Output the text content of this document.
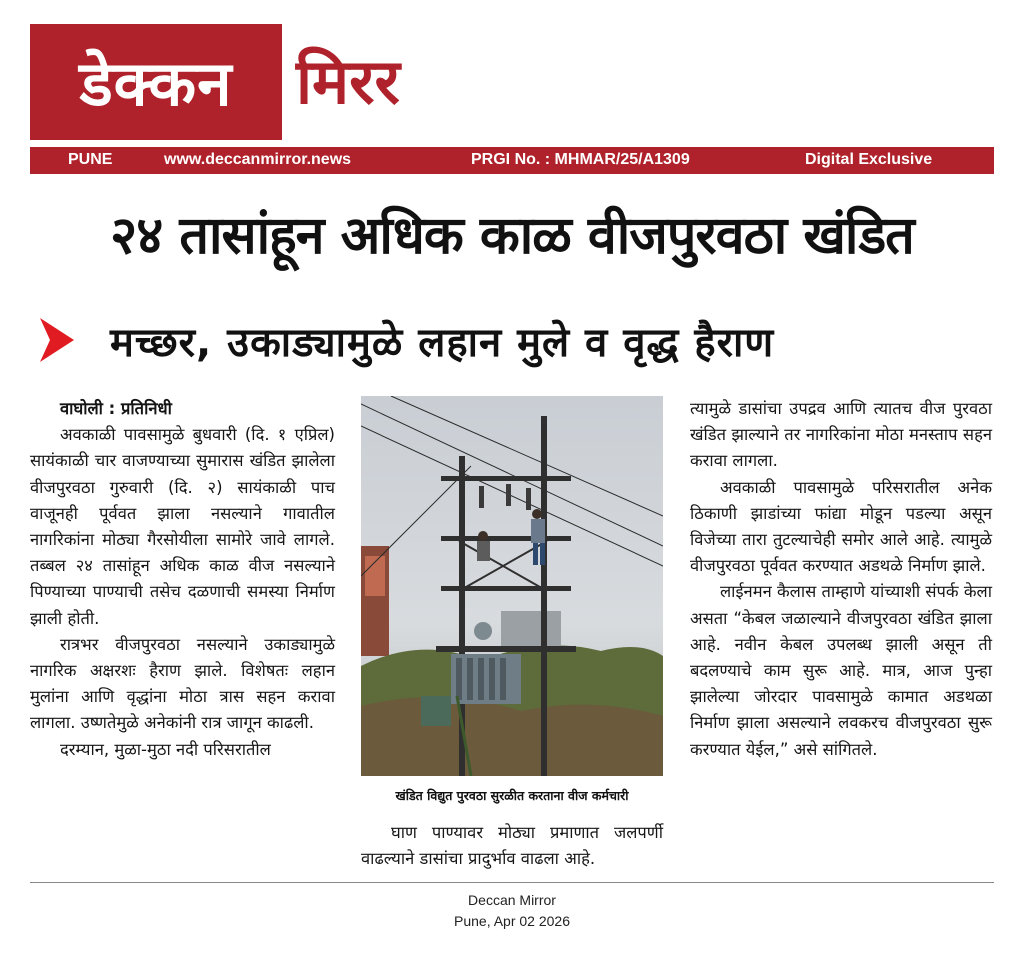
डेक्कन मिरर
PUNE	www.deccanmirror.news	PRGI No. : MHMAR/25/A1309	Digital Exclusive
२४ तासांहून अधिक काळ वीजपुरवठा खंडित
मच्छर, उकाड्यामुळे लहान मुले व वृद्ध हैराण

वाघोली : प्रतिनिधी

अवकाळी पावसामुळे बुधवारी (दि. १ एप्रिल) सायंकाळी चार वाजण्याच्या सुमारास खंडित झालेला वीजपुरवठा गुरुवारी (दि. २) सायंकाळी पाच वाजूनही पूर्ववत झाला नसल्याने गावातील नागरिकांना मोठ्या गैरसोयीला सामोरे जावे लागले. तब्बल २४ तासांहून अधिक काळ वीज नसल्याने पिण्याच्या पाण्याची तसेच दळणाची समस्या निर्माण झाली होती.

रात्रभर वीजपुरवठा नसल्याने उकाड्यामुळे नागरिक अक्षरशः हैराण झाले. विशेषतः लहान मुलांना आणि वृद्धांना मोठा त्रास सहन करावा लागला. उष्णतेमुळे अनेकांनी रात्र जागून काढली.

दरम्यान, मुळा-मुठा नदी परिसरातील

खंडित विद्युत पुरवठा सुरळीत करताना वीज कर्मचारी

घाण पाण्यावर मोठ्या प्रमाणात जलपर्णी वाढल्याने डासांचा प्रादुर्भाव वाढला आहे.

त्यामुळे डासांचा उपद्रव आणि त्यातच वीज पुरवठा खंडित झाल्याने तर नागरिकांना मोठा मनस्ताप सहन करावा लागला.

अवकाळी पावसामुळे परिसरातील अनेक ठिकाणी झाडांच्या फांद्या मोडून पडल्या असून विजेच्या तारा तुटल्याचेही समोर आले आहे. त्यामुळे वीजपुरवठा पूर्ववत करण्यात अडथळे निर्माण झाले.

लाईनमन कैलास ताम्हाणे यांच्याशी संपर्क केला असता “केबल जळाल्याने वीजपुरवठा खंडित झाला आहे. नवीन केबल उपलब्ध झाली असून ती बदलण्याचे काम सुरू आहे. मात्र, आज पुन्हा झालेल्या जोरदार पावसामुळे कामात अडथळा निर्माण झाला असल्याने लवकरच वीजपुरवठा सुरू करण्यात येईल,” असे सांगितले.

Deccan Mirror
Pune, Apr 02 2026
